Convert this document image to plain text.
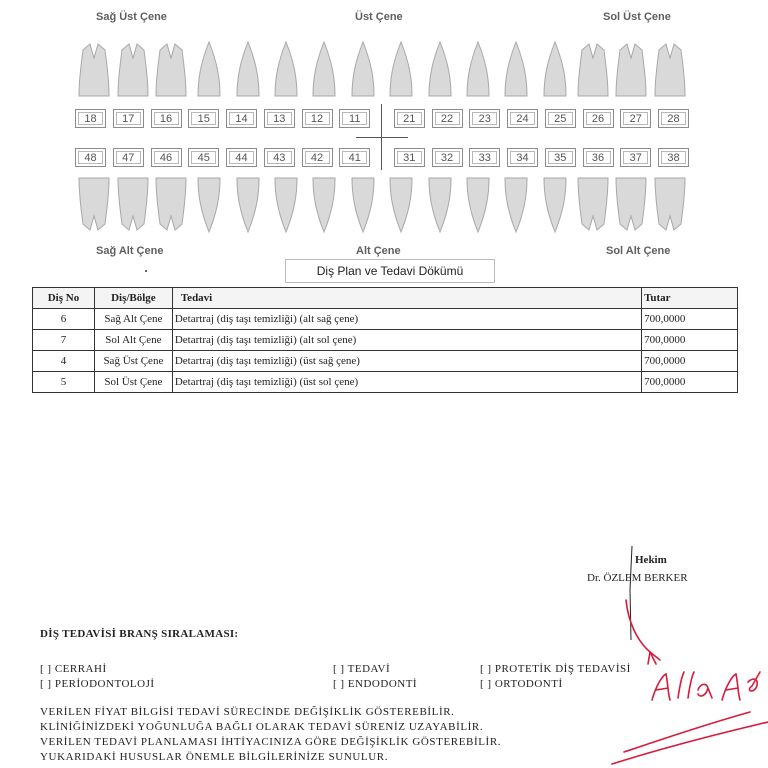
Sağ Üst Çene	Üst Çene	Sol Üst Çene
Sağ Alt Çene	Alt Çene	Sol Alt Çene
18	17	16	15	14	13	12	11	21	22	23	24	25	26	27	28
48	47	46	45	44	43	42	41	31	32	33	34	35	36	37	38
Diş Plan ve Tedavi Dökümü
Diş No	Diş/Bölge	Tedavi	Tutar
6	Sağ Alt Çene	Detartraj (diş taşı temizliği) (alt sağ çene)	700,0000
7	Sol Alt Çene	Detartraj (diş taşı temizliği) (alt sol çene)	700,0000
4	Sağ Üst Çene	Detartraj (diş taşı temizliği) (üst sağ çene)	700,0000
5	Sol Üst Çene	Detartraj (diş taşı temizliği) (üst sol çene)	700,0000
Hekim
Dr. ÖZLEM BERKER
DİŞ TEDAVİSİ BRANŞ SIRALAMASI:
[ ] CERRAHİ
[ ] PERİODONTOLOJİ
[ ] TEDAVİ
[ ] ENDODONTİ
[ ] PROTETİK DİŞ TEDAVİSİ
[ ] ORTODONTİ
VERİLEN FİYAT BİLGİSİ TEDAVİ SÜRECİNDE DEĞİŞİKLİK GÖSTEREBİLİR.
KLİNİĞİNİZDEKİ YOĞUNLUĞA BAĞLI OLARAK TEDAVİ SÜRENİZ UZAYABİLİR.
VERİLEN TEDAVİ PLANLAMASI İHTİYACINIZA GÖRE DEĞİŞİKLİK GÖSTEREBİLİR.
YUKARIDAKİ HUSUSLAR ÖNEMLE BİLGİLERİNİZE SUNULUR.
